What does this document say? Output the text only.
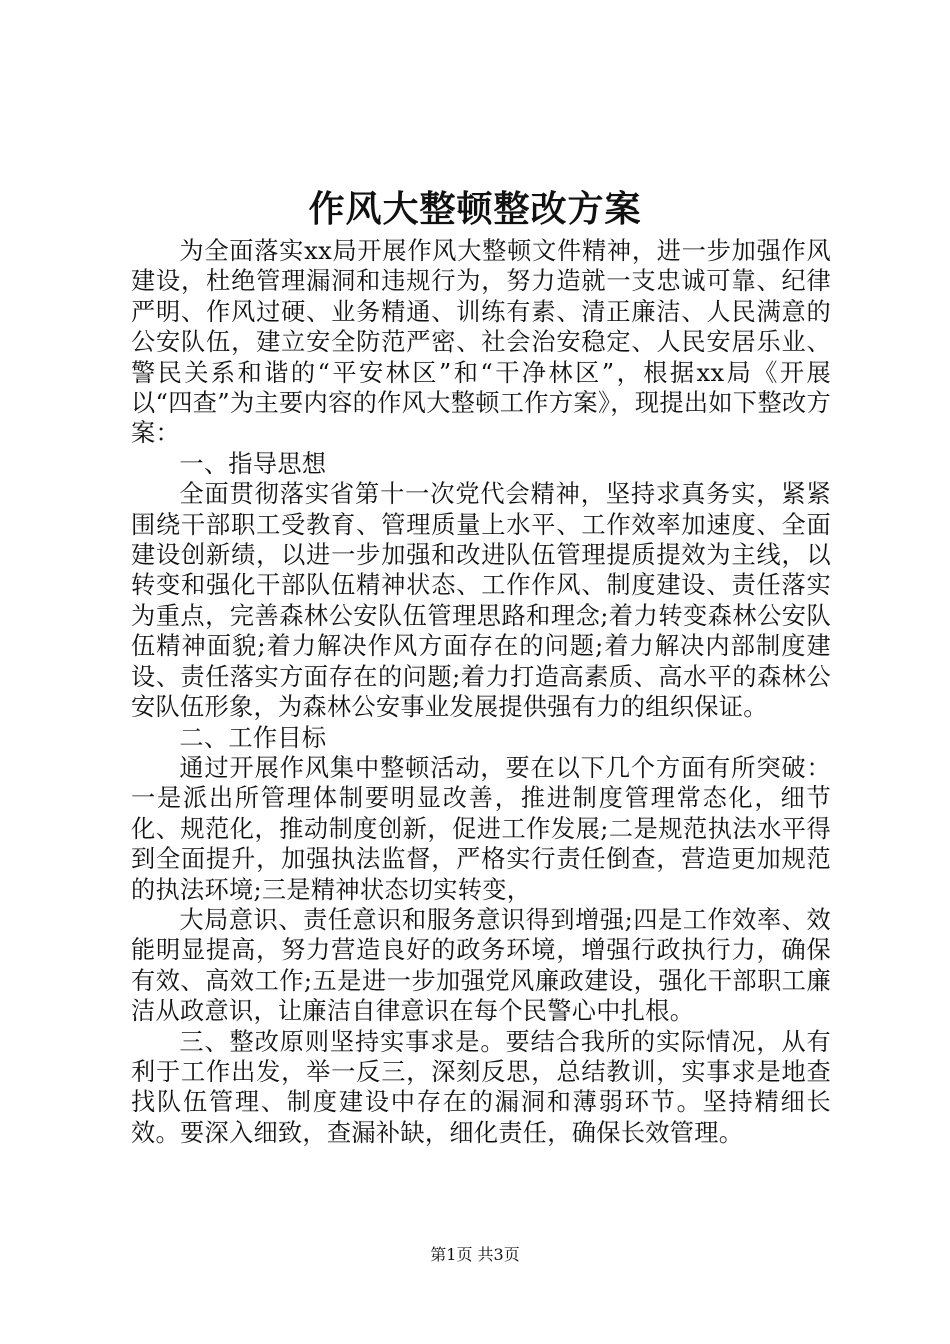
作风大整顿整改方案

为全面落实xx局开展作风大整顿文件精神，进一步加强作风建设，杜绝管理漏洞和违规行为，努力造就一支忠诚可靠、纪律严明、作风过硬、业务精通、训练有素、清正廉洁、人民满意的公安队伍，建立安全防范严密、社会治安稳定、人民安居乐业、警民关系和谐的“平安林区”和“干净林区”，根据xx局《开展以“四查”为主要内容的作风大整顿工作方案》，现提出如下整改方案：

一、指导思想

全面贯彻落实省第十一次党代会精神，坚持求真务实，紧紧围绕干部职工受教育、管理质量上水平、工作效率加速度、全面建设创新绩，以进一步加强和改进队伍管理提质提效为主线，以转变和强化干部队伍精神状态、工作作风、制度建设、责任落实为重点，完善森林公安队伍管理思路和理念;着力转变森林公安队伍精神面貌;着力解决作风方面存在的问题;着力解决内部制度建设、责任落实方面存在的问题;着力打造高素质、高水平的森林公安队伍形象，为森林公安事业发展提供强有力的组织保证。

二、工作目标

通过开展作风集中整顿活动，要在以下几个方面有所突破：一是派出所管理体制要明显改善，推进制度管理常态化，细节化、规范化，推动制度创新，促进工作发展;二是规范执法水平得到全面提升，加强执法监督，严格实行责任倒查，营造更加规范的执法环境;三是精神状态切实转变，

大局意识、责任意识和服务意识得到增强;四是工作效率、效能明显提高，努力营造良好的政务环境，增强行政执行力，确保有效、高效工作;五是进一步加强党风廉政建设，强化干部职工廉洁从政意识，让廉洁自律意识在每个民警心中扎根。

三、整改原则坚持实事求是。要结合我所的实际情况，从有利于工作出发，举一反三，深刻反思，总结教训，实事求是地查找队伍管理、制度建设中存在的漏洞和薄弱环节。坚持精细长效。要深入细致，查漏补缺，细化责任，确保长效管理。

第1页 共3页
